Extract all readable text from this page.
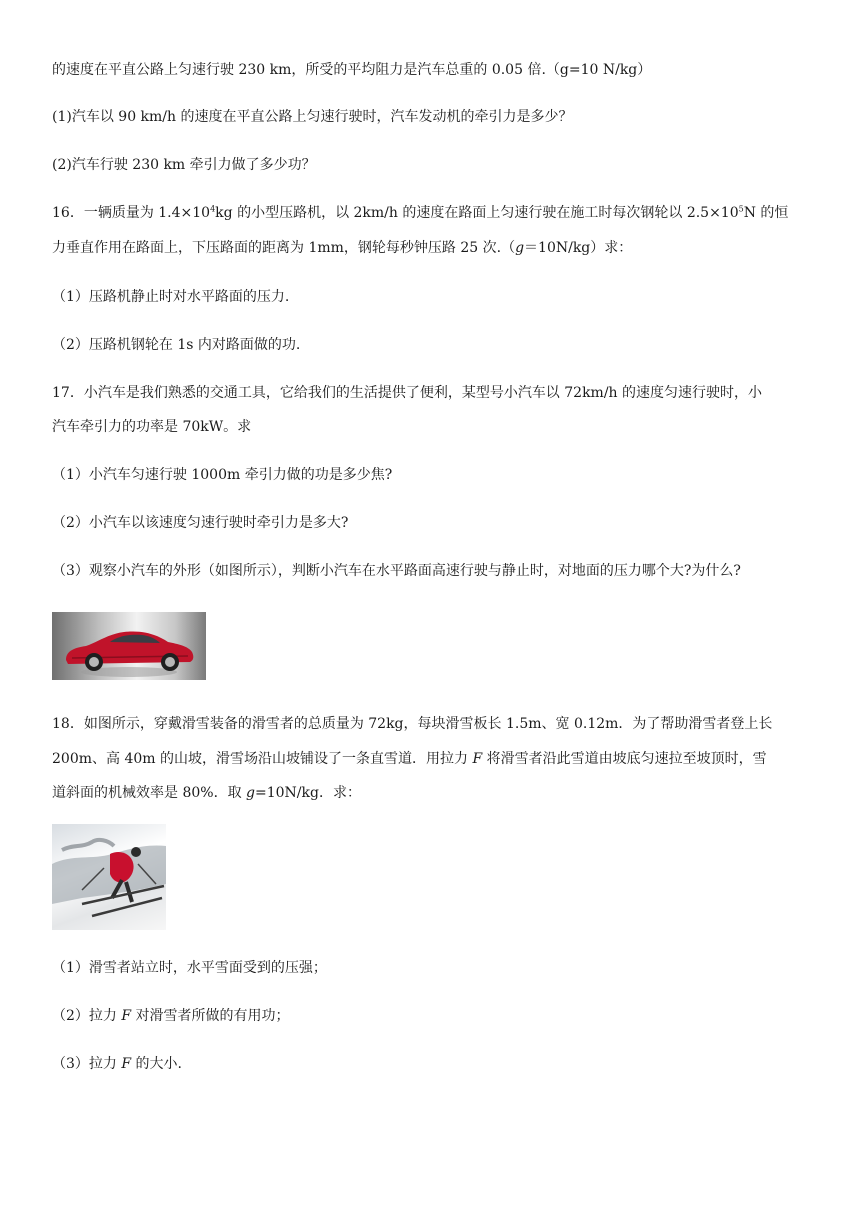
的速度在平直公路上匀速行驶 230 km，所受的平均阻力是汽车总重的 0.05 倍.（g=10 N/kg）
(1)汽车以 90 km/h 的速度在平直公路上匀速行驶时，汽车发动机的牵引力是多少？
(2)汽车行驶 230 km 牵引力做了多少功？
16．一辆质量为 $1.4\times 10^4kg$ 的小型压路机，以 2km/h 的速度在路面上匀速行驶在施工时每次钢轮以 $2.5\times 10^5N$ 的恒
力垂直作用在路面上，下压路面的距离为 1mm，钢轮每秒钟压路 25 次.（g＝10N/kg）求：
（1）压路机静止时对水平路面的压力.
（2）压路机钢轮在 1s 内对路面做的功.
17．小汽车是我们熟悉的交通工具，它给我们的生活提供了便利，某型号小汽车以 72km/h 的速度匀速行驶时，小
汽车牵引力的功率是 70kW。求
（1）小汽车匀速行驶 1000m 牵引力做的功是多少焦?
（2）小汽车以该速度匀速行驶时牵引力是多大?
（3）观察小汽车的外形（如图所示），判断小汽车在水平路面高速行驶与静止时，对地面的压力哪个大?为什么?
18．如图所示，穿戴滑雪装备的滑雪者的总质量为 72kg，每块滑雪板长 1.5m、宽 0.12m．为了帮助滑雪者登上长
200m、高 40m 的山坡，滑雪场沿山坡铺设了一条直雪道．用拉力 F 将滑雪者沿此雪道由坡底匀速拉至坡顶时，雪
道斜面的机械效率是 80%．取 g=10N/kg．求：
（1）滑雪者站立时，水平雪面受到的压强；
（2）拉力 F 对滑雪者所做的有用功；
（3）拉力 F 的大小.
